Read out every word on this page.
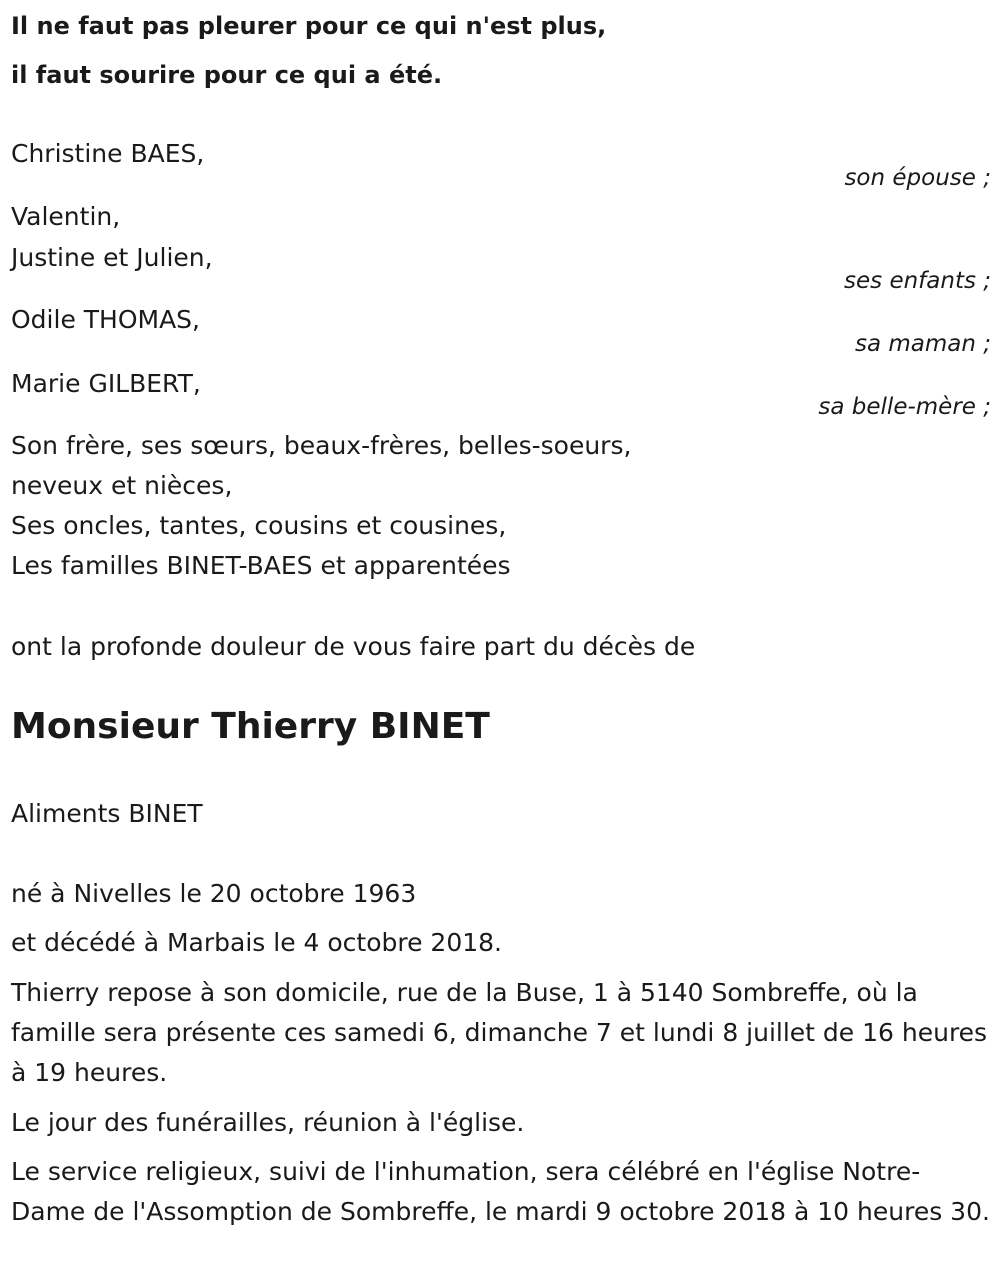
Il ne faut pas pleurer pour ce qui n'est plus,
il faut sourire pour ce qui a été.
Christine BAES,
son épouse ;
Valentin,
Justine et Julien,
ses enfants ;
Odile THOMAS,
sa maman ;
Marie GILBERT,
sa belle-mère ;
Son frère, ses sœurs, beaux-frères, belles-soeurs,
neveux et nièces,
Ses oncles, tantes, cousins et cousines,
Les familles BINET-BAES et apparentées
ont la profonde douleur de vous faire part du décès de
Monsieur Thierry BINET
Aliments BINET
né à Nivelles le 20 octobre 1963
et décédé à Marbais le 4 octobre 2018.
Thierry repose à son domicile, rue de la Buse, 1 à 5140 Sombreffe, où la famille sera présente ces samedi 6, dimanche 7 et lundi 8 juillet de 16 heures à 19 heures.
Le jour des funérailles, réunion à l'église.
Le service religieux, suivi de l'inhumation, sera célébré en l'église Notre-Dame de l'Assomption de Sombreffe, le mardi 9 octobre 2018 à 10 heures 30.
